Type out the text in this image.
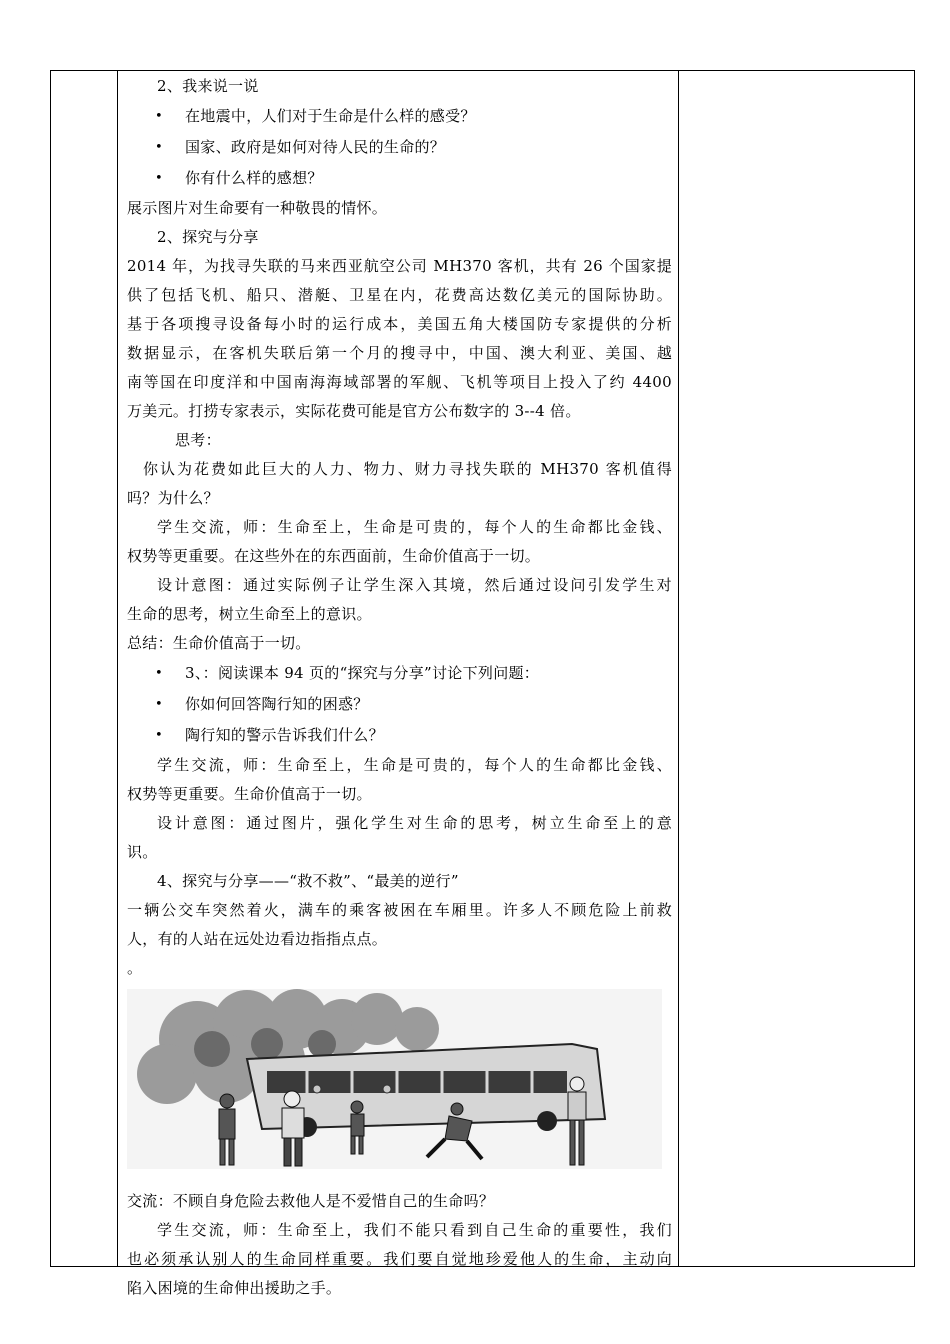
2、我来说一说

•	在地震中，人们对于生命是什么样的感受？
•	国家、政府是如何对待人民的生命的？
•	你有什么样的感想？

展示图片对生命要有一种敬畏的情怀。

2、探究与分享

2014 年，为找寻失联的马来西亚航空公司 MH370 客机，共有 26 个国家提

供了包括飞机、船只、潜艇、卫星在内，花费高达数亿美元的国际协助。

基于各项搜寻设备每小时的运行成本，美国五角大楼国防专家提供的分析

数据显示，在客机失联后第一个月的搜寻中，中国、澳大利亚、美国、越

南等国在印度洋和中国南海海域部署的军舰、飞机等项目上投入了约 4400

万美元。打捞专家表示，实际花费可能是官方公布数字的 3--4 倍。

思考：

你认为花费如此巨大的人力、物力、财力寻找失联的 MH370 客机值得

吗？为什么？

学生交流，师：生命至上，生命是可贵的，每个人的生命都比金钱、

权势等更重要。在这些外在的东西面前，生命价值高于一切。

设计意图：通过实际例子让学生深入其境，然后通过设问引发学生对

生命的思考，树立生命至上的意识。

总结：生命价值高于一切。

•	3、：阅读课本 94 页的“探究与分享”讨论下列问题：
•	你如何回答陶行知的困惑？
•	陶行知的警示告诉我们什么？

学生交流，师：生命至上，生命是可贵的，每个人的生命都比金钱、

权势等更重要。生命价值高于一切。

设计意图：通过图片，强化学生对生命的思考，树立生命至上的意

识。

4、探究与分享——“救不救”、“最美的逆行”

一辆公交车突然着火，满车的乘客被困在车厢里。许多人不顾危险上前救

人，有的人站在远处边看边指指点点。

。

交流：不顾自身危险去救他人是不爱惜自己的生命吗？

学生交流，师：生命至上，我们不能只看到自己生命的重要性，我们

也必须承认别人的生命同样重要。我们要自觉地珍爱他人的生命，主动向

陷入困境的生命伸出援助之手。
